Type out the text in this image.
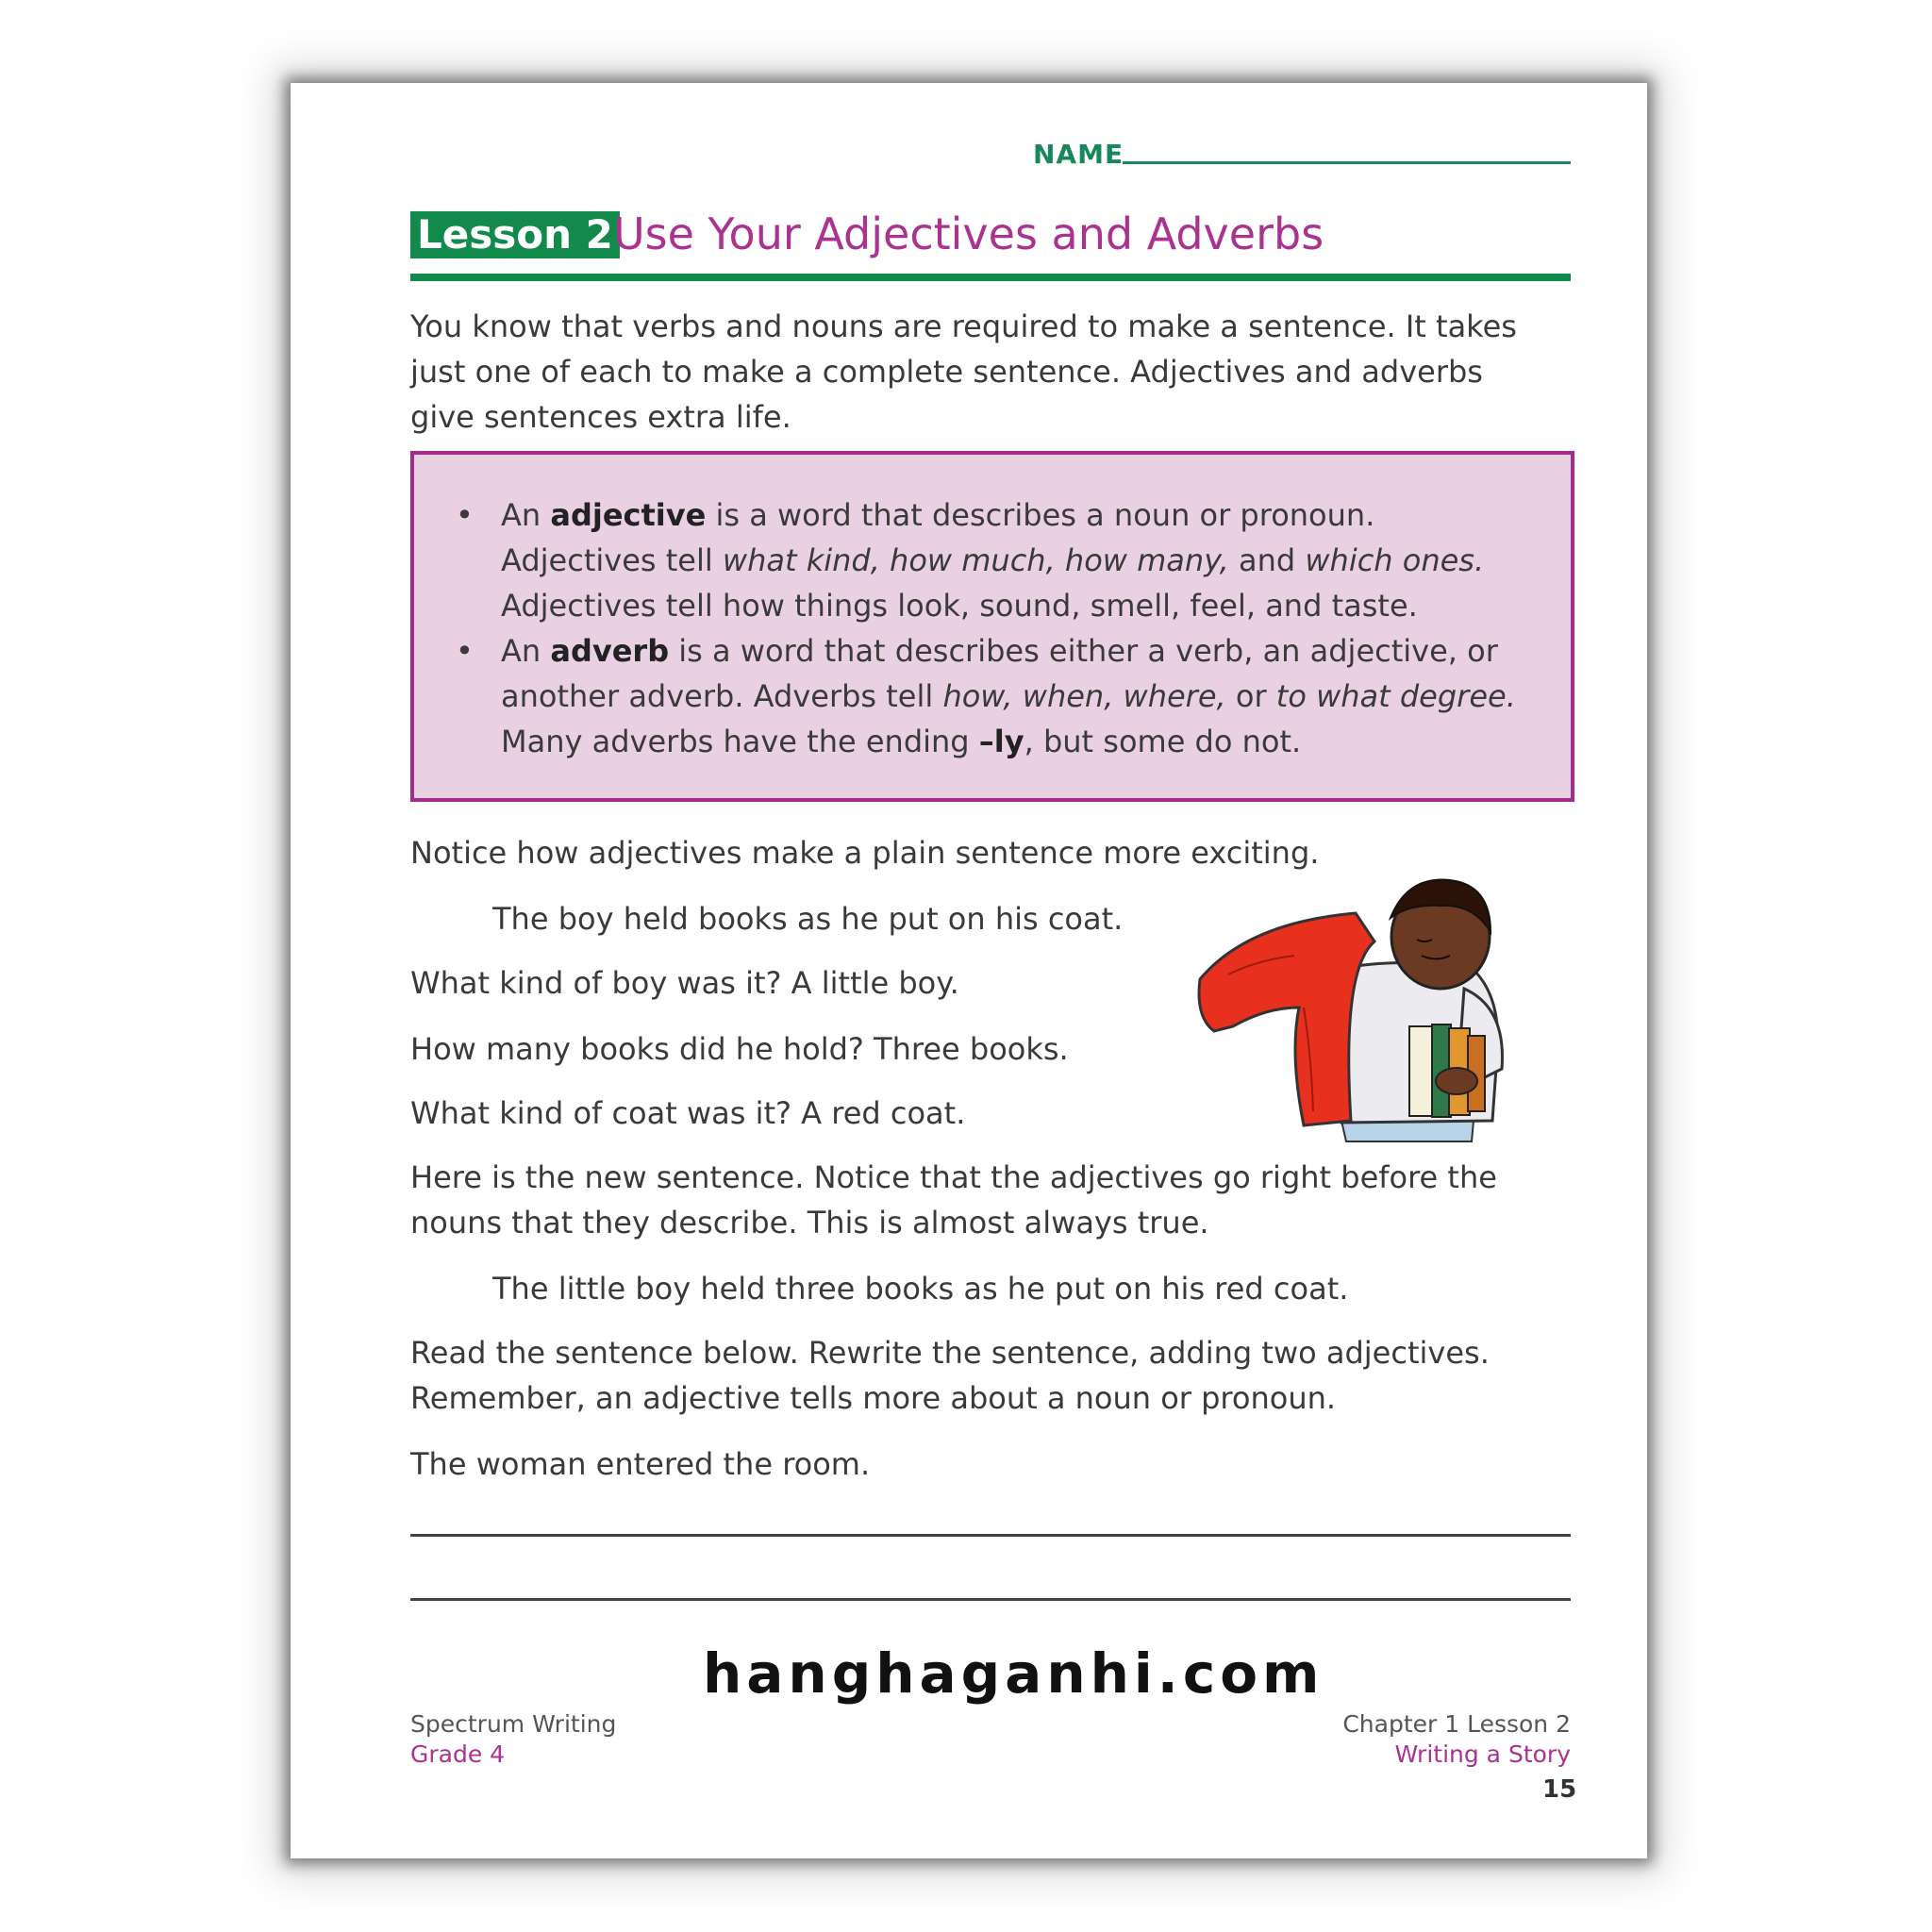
NAME
Lesson 2 Use Your Adjectives and Adverbs
You know that verbs and nouns are required to make a sentence. It takes
just one of each to make a complete sentence. Adjectives and adverbs
give sentences extra life.
• An adjective is a word that describes a noun or pronoun.
Adjectives tell what kind, how much, how many, and which ones.
Adjectives tell how things look, sound, smell, feel, and taste.
• An adverb is a word that describes either a verb, an adjective, or
another adverb. Adverbs tell how, when, where, or to what degree.
Many adverbs have the ending –ly, but some do not.
Notice how adjectives make a plain sentence more exciting.
The boy held books as he put on his coat.
What kind of boy was it? A little boy.
How many books did he hold? Three books.
What kind of coat was it? A red coat.
Here is the new sentence. Notice that the adjectives go right before the
nouns that they describe. This is almost always true.
The little boy held three books as he put on his red coat.
Read the sentence below. Rewrite the sentence, adding two adjectives.
Remember, an adjective tells more about a noun or pronoun.
The woman entered the room.
hanghaganhi.com
Spectrum Writing
Grade 4
Chapter 1 Lesson 2
Writing a Story
15
